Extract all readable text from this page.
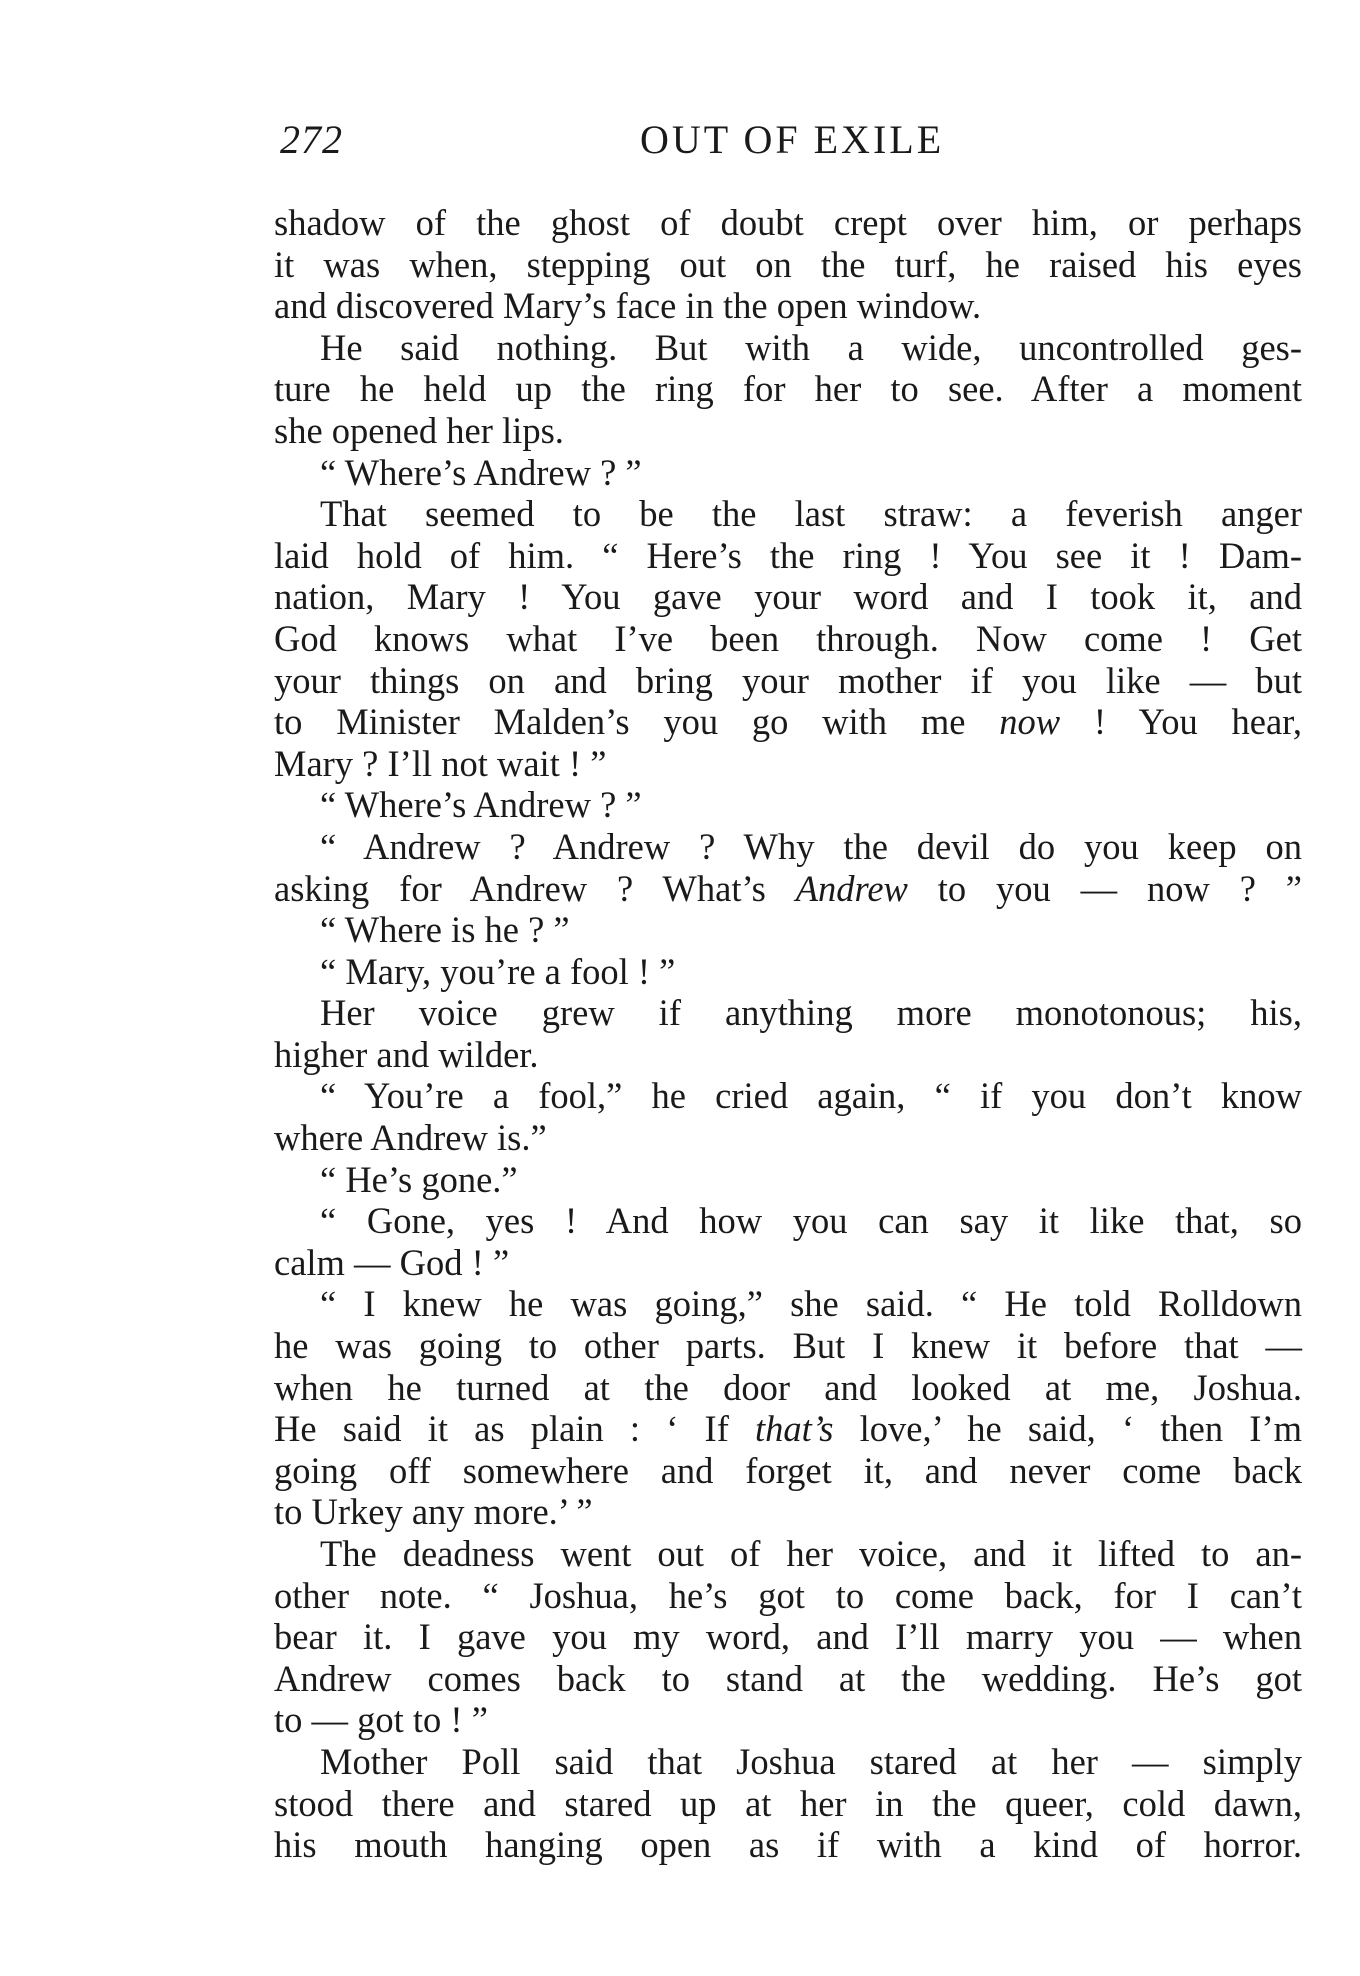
272	OUT OF EXILE
shadow of the ghost of doubt crept over him, or perhaps
it was when, stepping out on the turf, he raised his eyes
and discovered Mary’s face in the open window.
He said nothing. But with a wide, uncontrolled ges-
ture he held up the ring for her to see. After a moment
she opened her lips.
“ Where’s Andrew ? ”
That seemed to be the last straw: a feverish anger
laid hold of him. “ Here’s the ring ! You see it ! Dam-
nation, Mary ! You gave your word and I took it, and
God knows what I’ve been through. Now come ! Get
your things on and bring your mother if you like — but
to Minister Malden’s you go with me now ! You hear,
Mary ? I’ll not wait ! ”
“ Where’s Andrew ? ”
“ Andrew ? Andrew ? Why the devil do you keep on
asking for Andrew ? What’s Andrew to you — now ? ”
“ Where is he ? ”
“ Mary, you’re a fool ! ”
Her voice grew if anything more monotonous; his,
higher and wilder.
“ You’re a fool,” he cried again, “ if you don’t know
where Andrew is.”
“ He’s gone.”
“ Gone, yes ! And how you can say it like that, so
calm — God ! ”
“ I knew he was going,” she said. “ He told Rolldown
he was going to other parts. But I knew it before that —
when he turned at the door and looked at me, Joshua.
He said it as plain : ‘ If that’s love,’ he said, ‘ then I’m
going off somewhere and forget it, and never come back
to Urkey any more.’ ”
The deadness went out of her voice, and it lifted to an-
other note. “ Joshua, he’s got to come back, for I can’t
bear it. I gave you my word, and I’ll marry you — when
Andrew comes back to stand at the wedding. He’s got
to — got to ! ”
Mother Poll said that Joshua stared at her — simply
stood there and stared up at her in the queer, cold dawn,
his mouth hanging open as if with a kind of horror.
